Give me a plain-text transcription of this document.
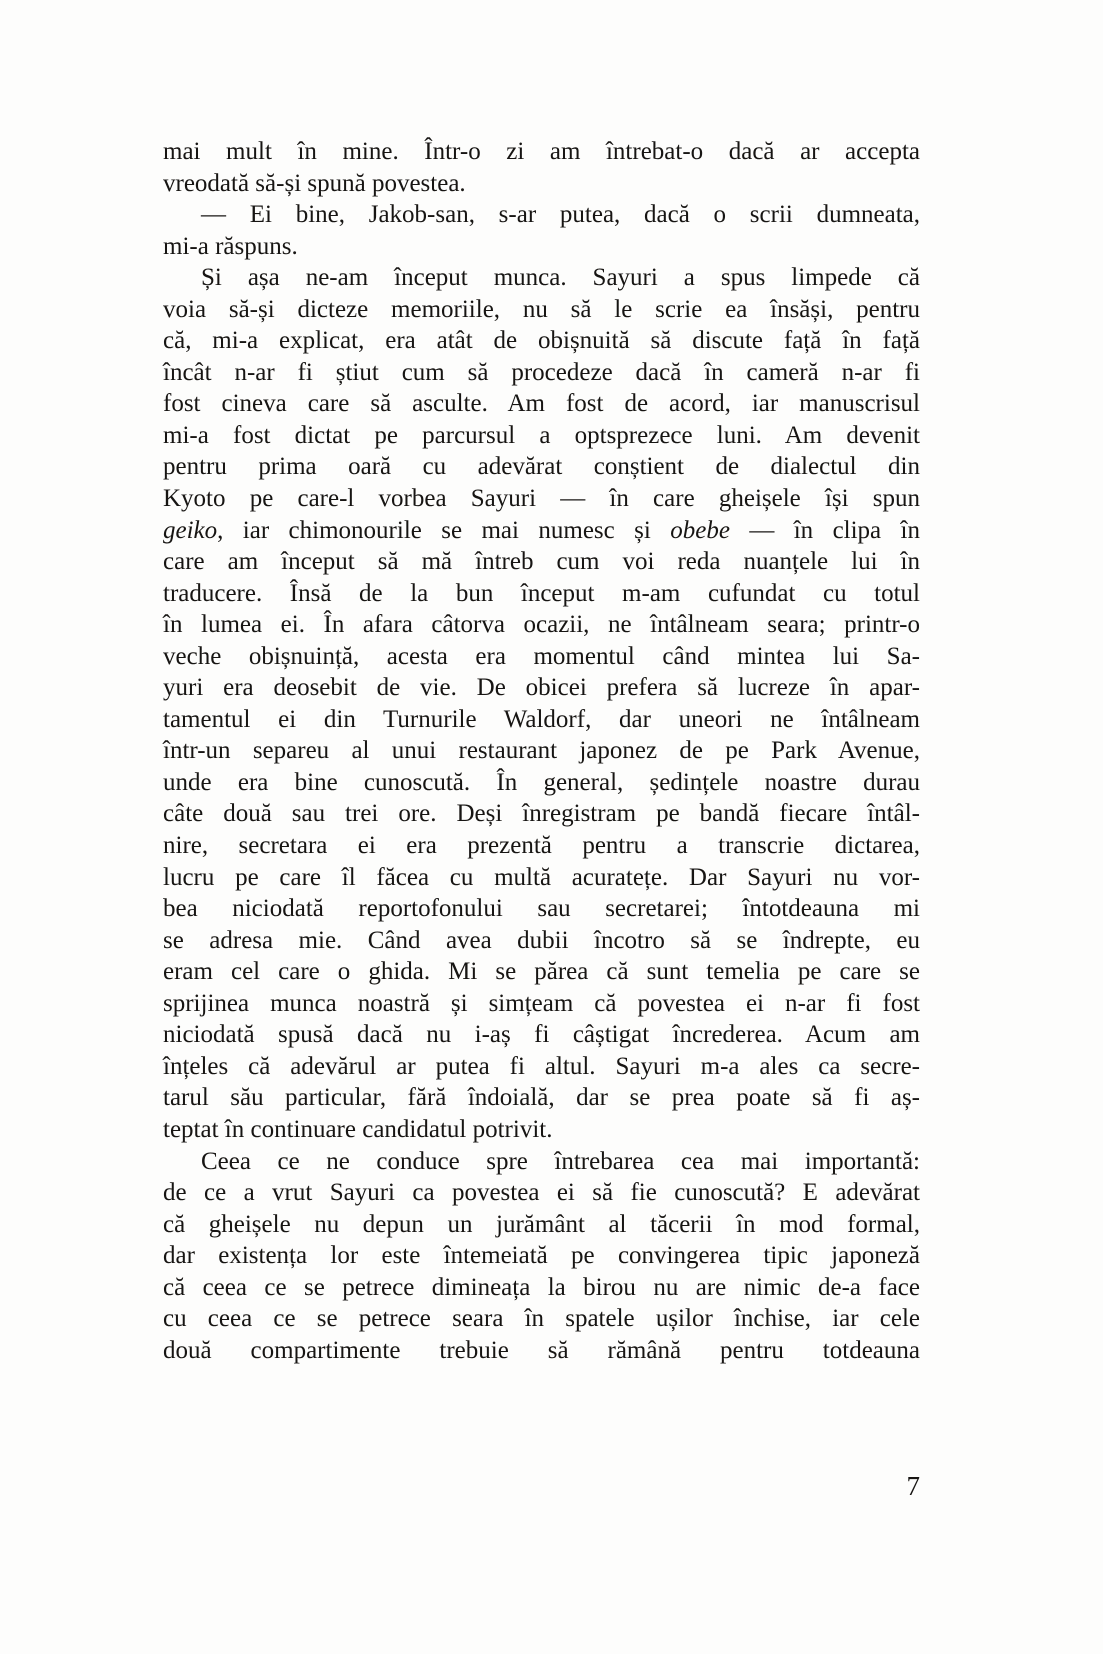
mai mult în mine. Într-o zi am întrebat-o dacă ar accepta
vreodată să-și spună povestea.
— Ei bine, Jakob-san, s-ar putea, dacă o scrii dumneata,
mi-a răspuns.
Și așa ne-am început munca. Sayuri a spus limpede că
voia să-și dicteze memoriile, nu să le scrie ea însăși, pentru
că, mi-a explicat, era atât de obișnuită să discute față în față
încât n-ar fi știut cum să procedeze dacă în cameră n-ar fi
fost cineva care să asculte. Am fost de acord, iar manuscrisul
mi-a fost dictat pe parcursul a optsprezece luni. Am devenit
pentru prima oară cu adevărat conștient de dialectul din
Kyoto pe care-l vorbea Sayuri — în care gheișele își spun
geiko, iar chimonourile se mai numesc și obebe — în clipa în
care am început să mă întreb cum voi reda nuanțele lui în
traducere. Însă de la bun început m-am cufundat cu totul
în lumea ei. În afara câtorva ocazii, ne întâlneam seara; printr-o
veche obișnuință, acesta era momentul când mintea lui Sa-
yuri era deosebit de vie. De obicei prefera să lucreze în apar-
tamentul ei din Turnurile Waldorf, dar uneori ne întâlneam
într-un separeu al unui restaurant japonez de pe Park Avenue,
unde era bine cunoscută. În general, ședințele noastre durau
câte două sau trei ore. Deși înregistram pe bandă fiecare întâl-
nire, secretara ei era prezentă pentru a transcrie dictarea,
lucru pe care îl făcea cu multă acuratețe. Dar Sayuri nu vor-
bea niciodată reportofonului sau secretarei; întotdeauna mi
se adresa mie. Când avea dubii încotro să se îndrepte, eu
eram cel care o ghida. Mi se părea că sunt temelia pe care se
sprijinea munca noastră și simțeam că povestea ei n-ar fi fost
niciodată spusă dacă nu i-aș fi câștigat încrederea. Acum am
înțeles că adevărul ar putea fi altul. Sayuri m-a ales ca secre-
tarul său particular, fără îndoială, dar se prea poate să fi aș-
teptat în continuare candidatul potrivit.
Ceea ce ne conduce spre întrebarea cea mai importantă:
de ce a vrut Sayuri ca povestea ei să fie cunoscută? E adevărat
că gheișele nu depun un jurământ al tăcerii în mod formal,
dar existența lor este întemeiată pe convingerea tipic japoneză
că ceea ce se petrece dimineața la birou nu are nimic de-a face
cu ceea ce se petrece seara în spatele ușilor închise, iar cele
două compartimente trebuie să rămână pentru totdeauna
7
